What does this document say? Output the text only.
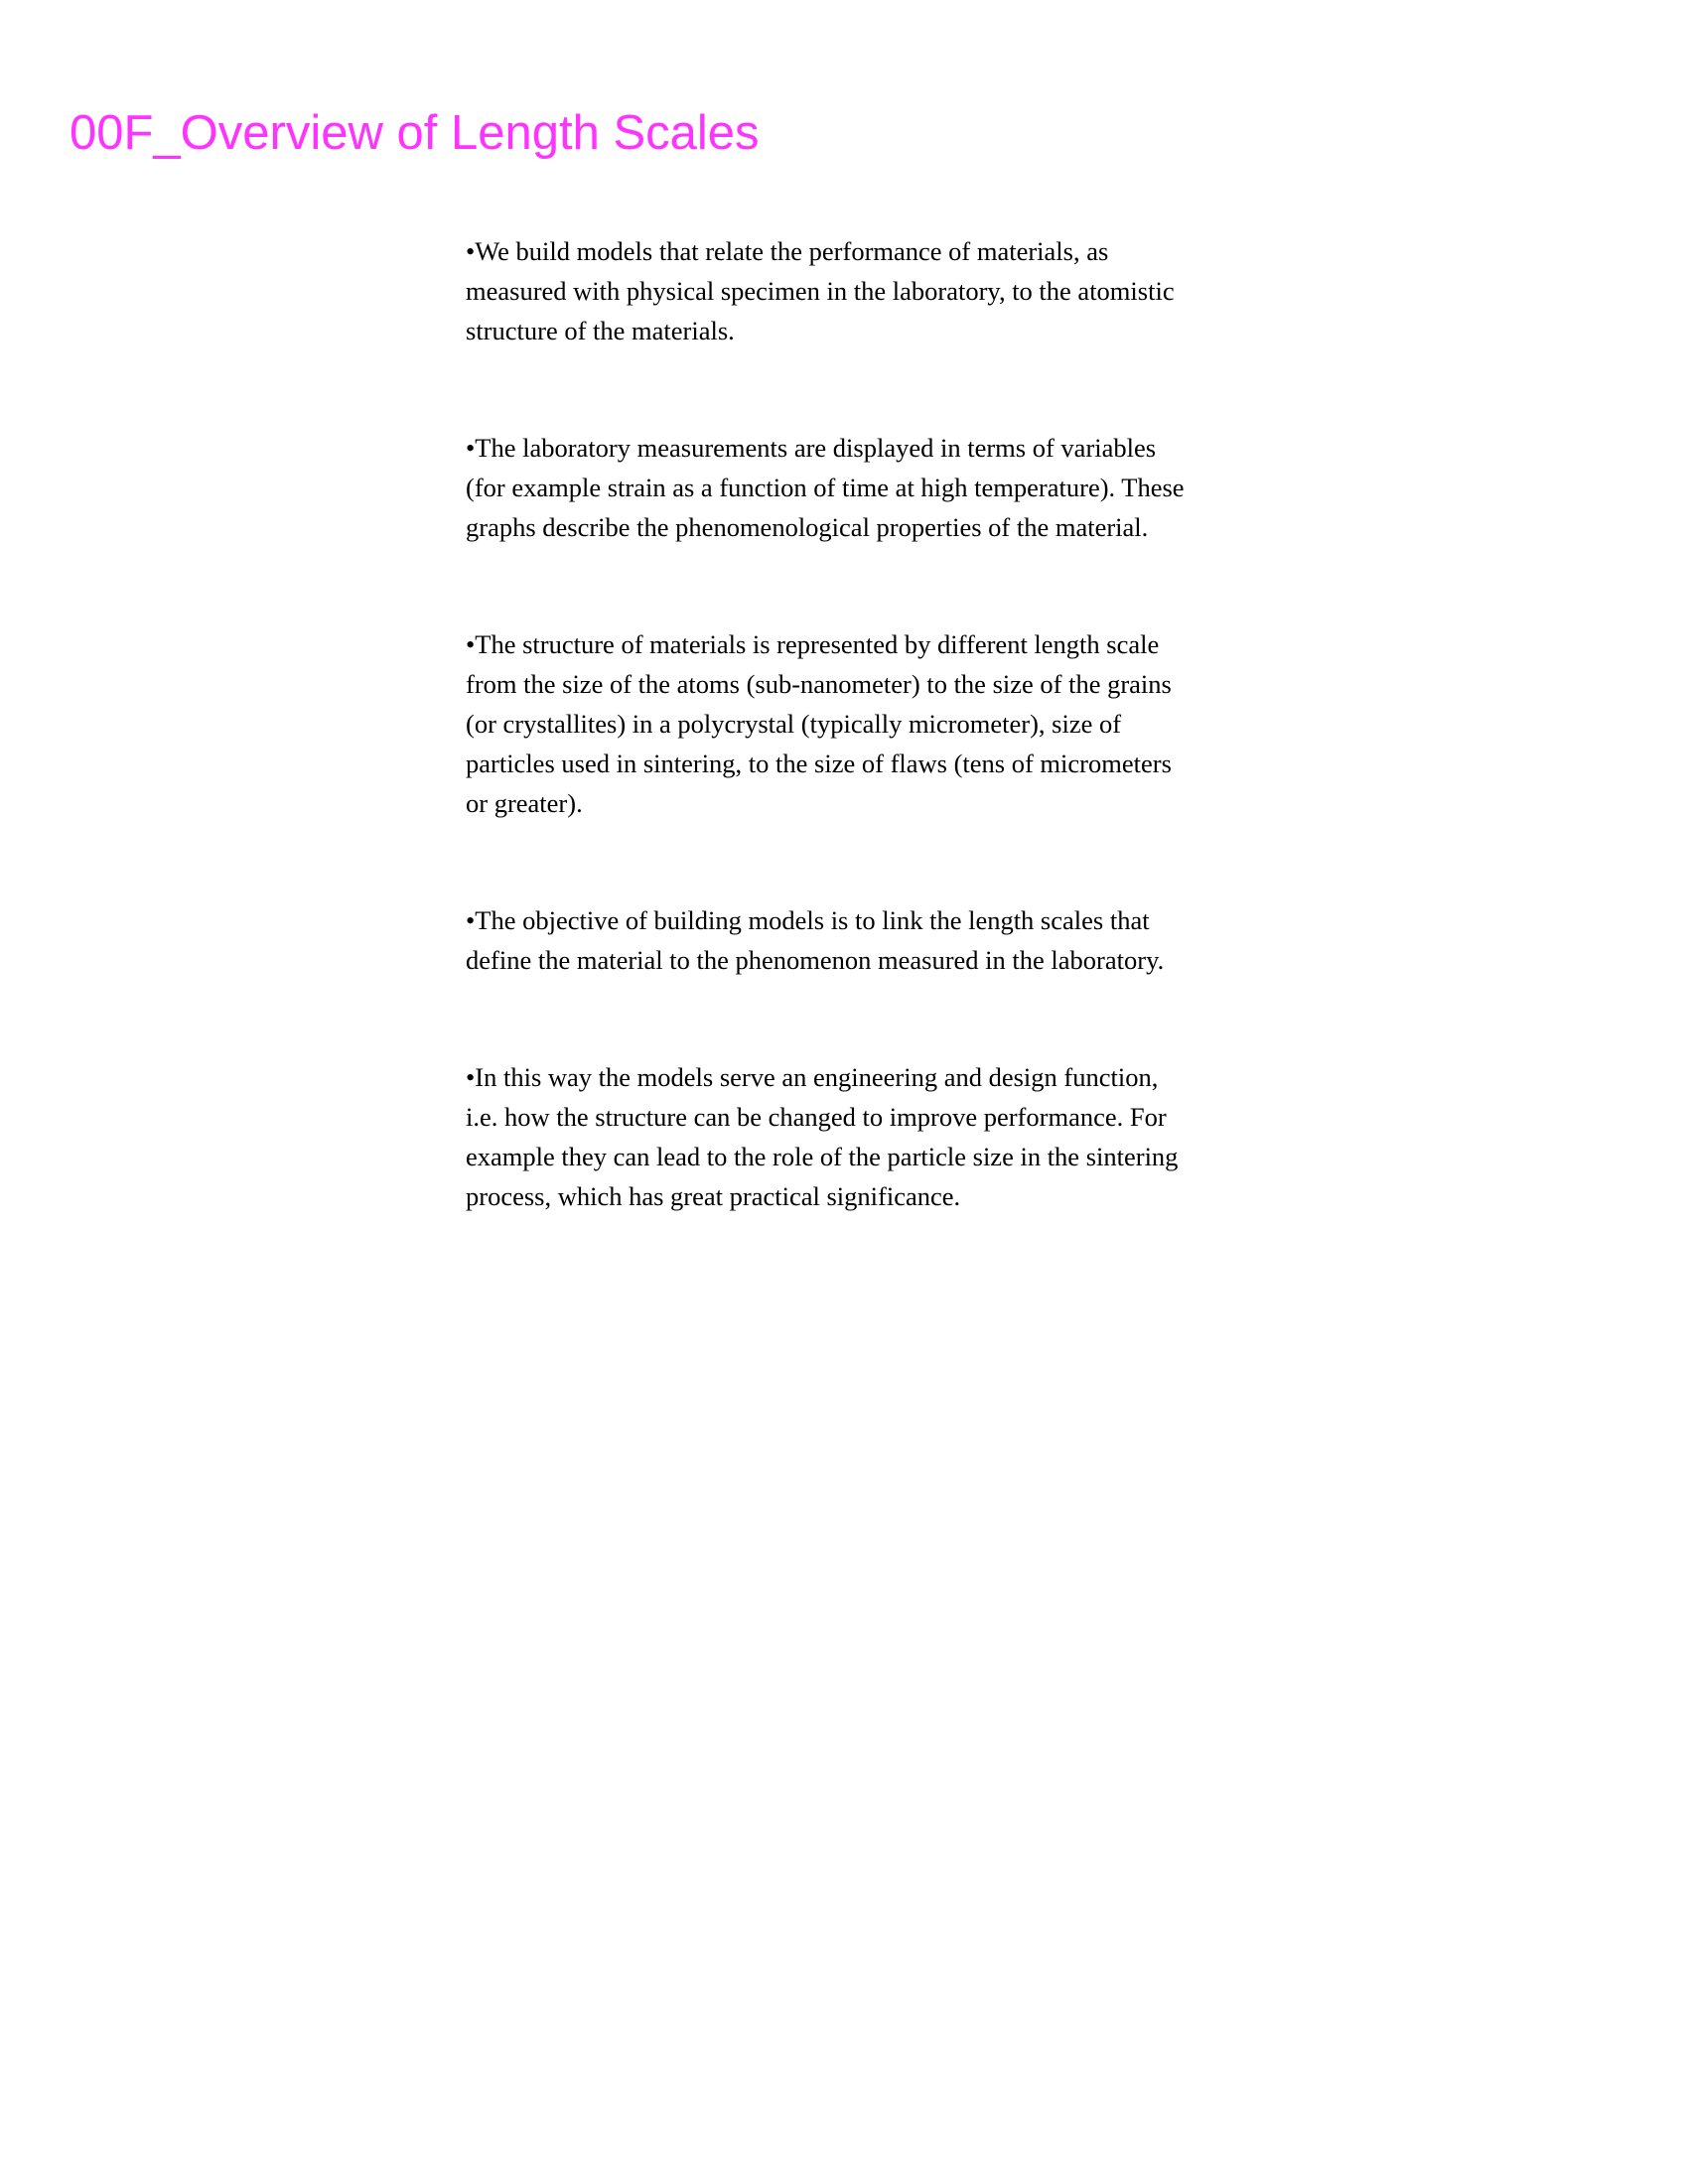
00F_Overview of Length Scales

•We build models that relate the performance of materials, as
measured with physical specimen in the laboratory, to the atomistic
structure of the materials.

•The laboratory measurements are displayed in terms of variables
(for example strain as a function of time at high temperature). These
graphs describe the phenomenological properties of the material.

•The structure of materials is represented by different length scale
from the size of the atoms (sub-nanometer) to the size of the grains
(or crystallites) in a polycrystal (typically micrometer), size of
particles used in sintering, to the size of flaws (tens of micrometers
or greater).

•The objective of building models is to link the length scales that
define the material to the phenomenon measured in the laboratory.

•In this way the models serve an engineering and design function,
i.e. how the structure can be changed to improve performance. For
example they can lead to the role of the particle size in the sintering
process, which has great practical significance.
